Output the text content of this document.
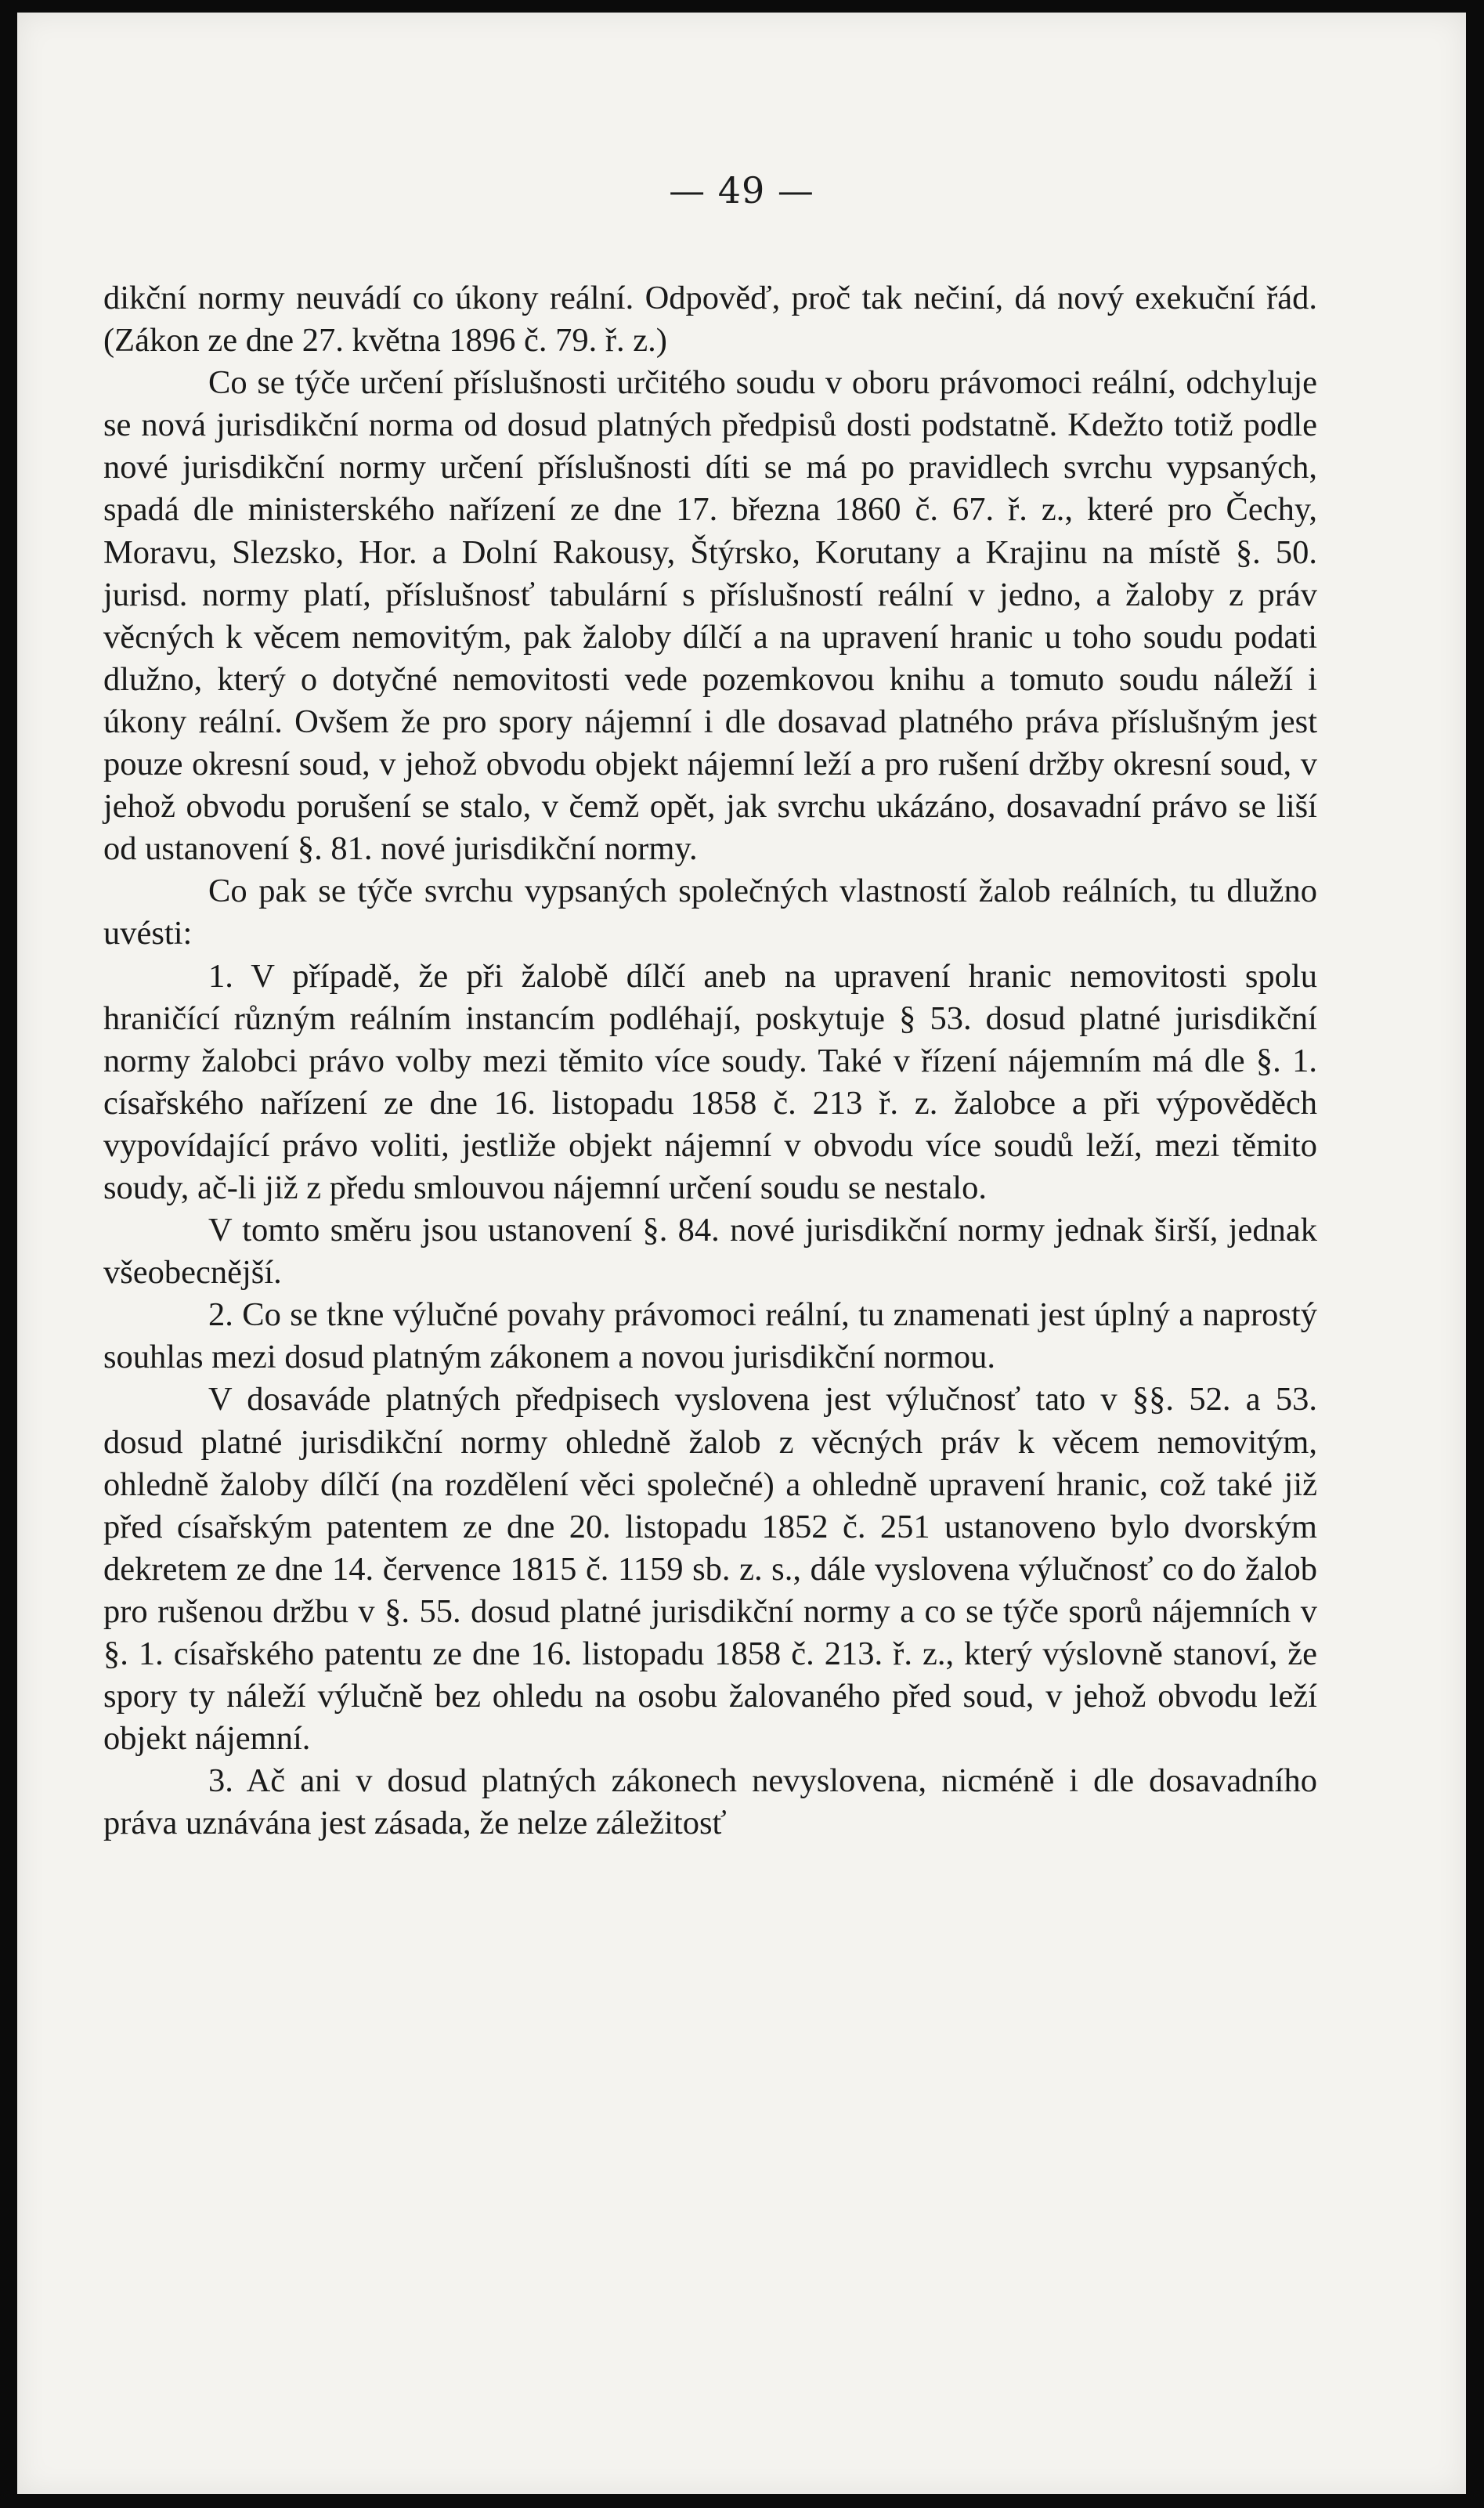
— 49 —

dikční normy neuvádí co úkony reální. Odpověď, proč tak nečiní, dá nový exekuční řád. (Zákon ze dne 27. května 1896 č. 79. ř. z.)

Co se týče určení příslušnosti určitého soudu v oboru právomoci reální, odchyluje se nová jurisdikční norma od dosud platných předpisů dosti podstatně. Kdežto totiž podle nové jurisdikční normy určení příslušnosti díti se má po pravidlech svrchu vypsaných, spadá dle ministerského nařízení ze dne 17. března 1860 č. 67. ř. z., které pro Čechy, Moravu, Slezsko, Hor. a Dolní Rakousy, Štýrsko, Korutany a Krajinu na místě §. 50. jurisd. normy platí, příslušnosť tabulární s příslušností reální v jedno, a žaloby z práv věcných k věcem nemovitým, pak žaloby dílčí a na upravení hranic u toho soudu podati dlužno, který o dotyčné nemovitosti vede pozemkovou knihu a tomuto soudu náleží i úkony reální. Ovšem že pro spory nájemní i dle dosavad platného práva příslušným jest pouze okresní soud, v jehož obvodu objekt nájemní leží a pro rušení držby okresní soud, v jehož obvodu porušení se stalo, v čemž opět, jak svrchu ukázáno, dosavadní právo se liší od ustanovení §. 81. nové jurisdikční normy.

Co pak se týče svrchu vypsaných společných vlastností žalob reálních, tu dlužno uvésti:

1. V případě, že při žalobě dílčí aneb na upravení hranic nemovitosti spolu hraničící různým reálním instancím podléhají, poskytuje § 53. dosud platné jurisdikční normy žalobci právo volby mezi těmito více soudy. Také v řízení nájemním má dle §. 1. císařského nařízení ze dne 16. listopadu 1858 č. 213 ř. z. žalobce a při výpověděch vypovídající právo voliti, jestliže objekt nájemní v obvodu více soudů leží, mezi těmito soudy, ač-li již z předu smlouvou nájemní určení soudu se nestalo.

V tomto směru jsou ustanovení §. 84. nové jurisdikční normy jednak širší, jednak všeobecnější.

2. Co se tkne výlučné povahy právomoci reální, tu znamenati jest úplný a naprostý souhlas mezi dosud platným zákonem a novou jurisdikční normou.

V dosaváde platných předpisech vyslovena jest výlučnosť tato v §§. 52. a 53. dosud platné jurisdikční normy ohledně žalob z věcných práv k věcem nemovitým, ohledně žaloby dílčí (na rozdělení věci společné) a ohledně upravení hranic, což také již před císařským patentem ze dne 20. listopadu 1852 č. 251 ustanoveno bylo dvorským dekretem ze dne 14. července 1815 č. 1159 sb. z. s., dále vyslovena výlučnosť co do žalob pro rušenou držbu v §. 55. dosud platné jurisdikční normy a co se týče sporů nájemních v §. 1. císařského patentu ze dne 16. listopadu 1858 č. 213. ř. z., který výslovně stanoví, že spory ty náleží výlučně bez ohledu na osobu žalovaného před soud, v jehož obvodu leží objekt nájemní.

3. Ač ani v dosud platných zákonech nevyslovena, nicméně i dle dosavadního práva uznávána jest zásada, že nelze záležitosť
